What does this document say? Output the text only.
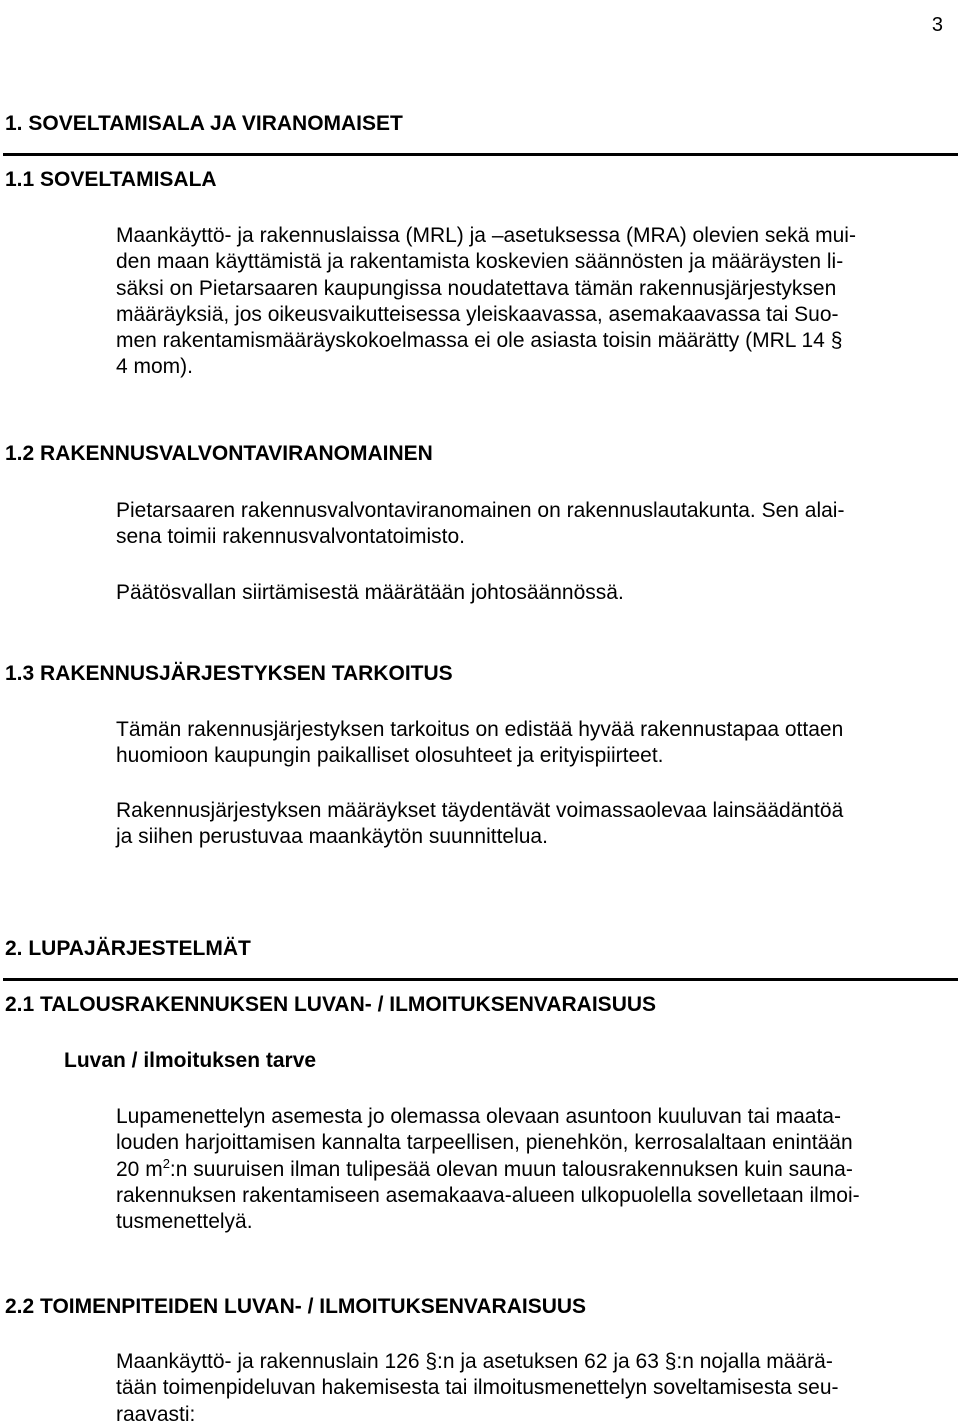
3
1. SOVELTAMISALA JA VIRANOMAISET
1.1 SOVELTAMISALA
Maankäyttö- ja rakennuslaissa (MRL) ja –asetuksessa (MRA) olevien sekä mui-
den maan käyttämistä ja rakentamista koskevien säännösten ja määräysten li-
säksi on Pietarsaaren kaupungissa noudatettava tämän rakennusjärjestyksen
määräyksiä, jos oikeusvaikutteisessa yleiskaavassa, asemakaavassa tai Suo-
men rakentamismääräyskokoelmassa ei ole asiasta toisin määrätty (MRL 14 §
4 mom).
1.2 RAKENNUSVALVONTAVIRANOMAINEN
Pietarsaaren rakennusvalvontaviranomainen on rakennuslautakunta. Sen alai-
sena toimii rakennusvalvontatoimisto.
Päätösvallan siirtämisestä määrätään johtosäännössä.
1.3 RAKENNUSJÄRJESTYKSEN TARKOITUS
Tämän rakennusjärjestyksen tarkoitus on edistää hyvää rakennustapaa ottaen
huomioon kaupungin paikalliset olosuhteet ja erityispiirteet.
Rakennusjärjestyksen määräykset täydentävät voimassaolevaa lainsäädäntöä
ja siihen perustuvaa maankäytön suunnittelua.
2. LUPAJÄRJESTELMÄT
2.1 TALOUSRAKENNUKSEN LUVAN- / ILMOITUKSENVARAISUUS
Luvan / ilmoituksen tarve
Lupamenettelyn asemesta jo olemassa olevaan asuntoon kuuluvan tai maata-
louden harjoittamisen kannalta tarpeellisen, pienehkön, kerrosalaltaan enintään
20 $m^2:n$ suuruisen ilman tulipesää olevan muun talousrakennuksen kuin sauna-
rakennuksen rakentamiseen asemakaava-alueen ulkopuolella sovelletaan ilmoi-
tusmenettelyä.
2.2 TOIMENPITEIDEN LUVAN- / ILMOITUKSENVARAISUUS
Maankäyttö- ja rakennuslain 126 §:n ja asetuksen 62 ja 63 §:n nojalla määrä-
tään toimenpideluvan hakemisesta tai ilmoitusmenettelyn soveltamisesta seu-
raavasti:
